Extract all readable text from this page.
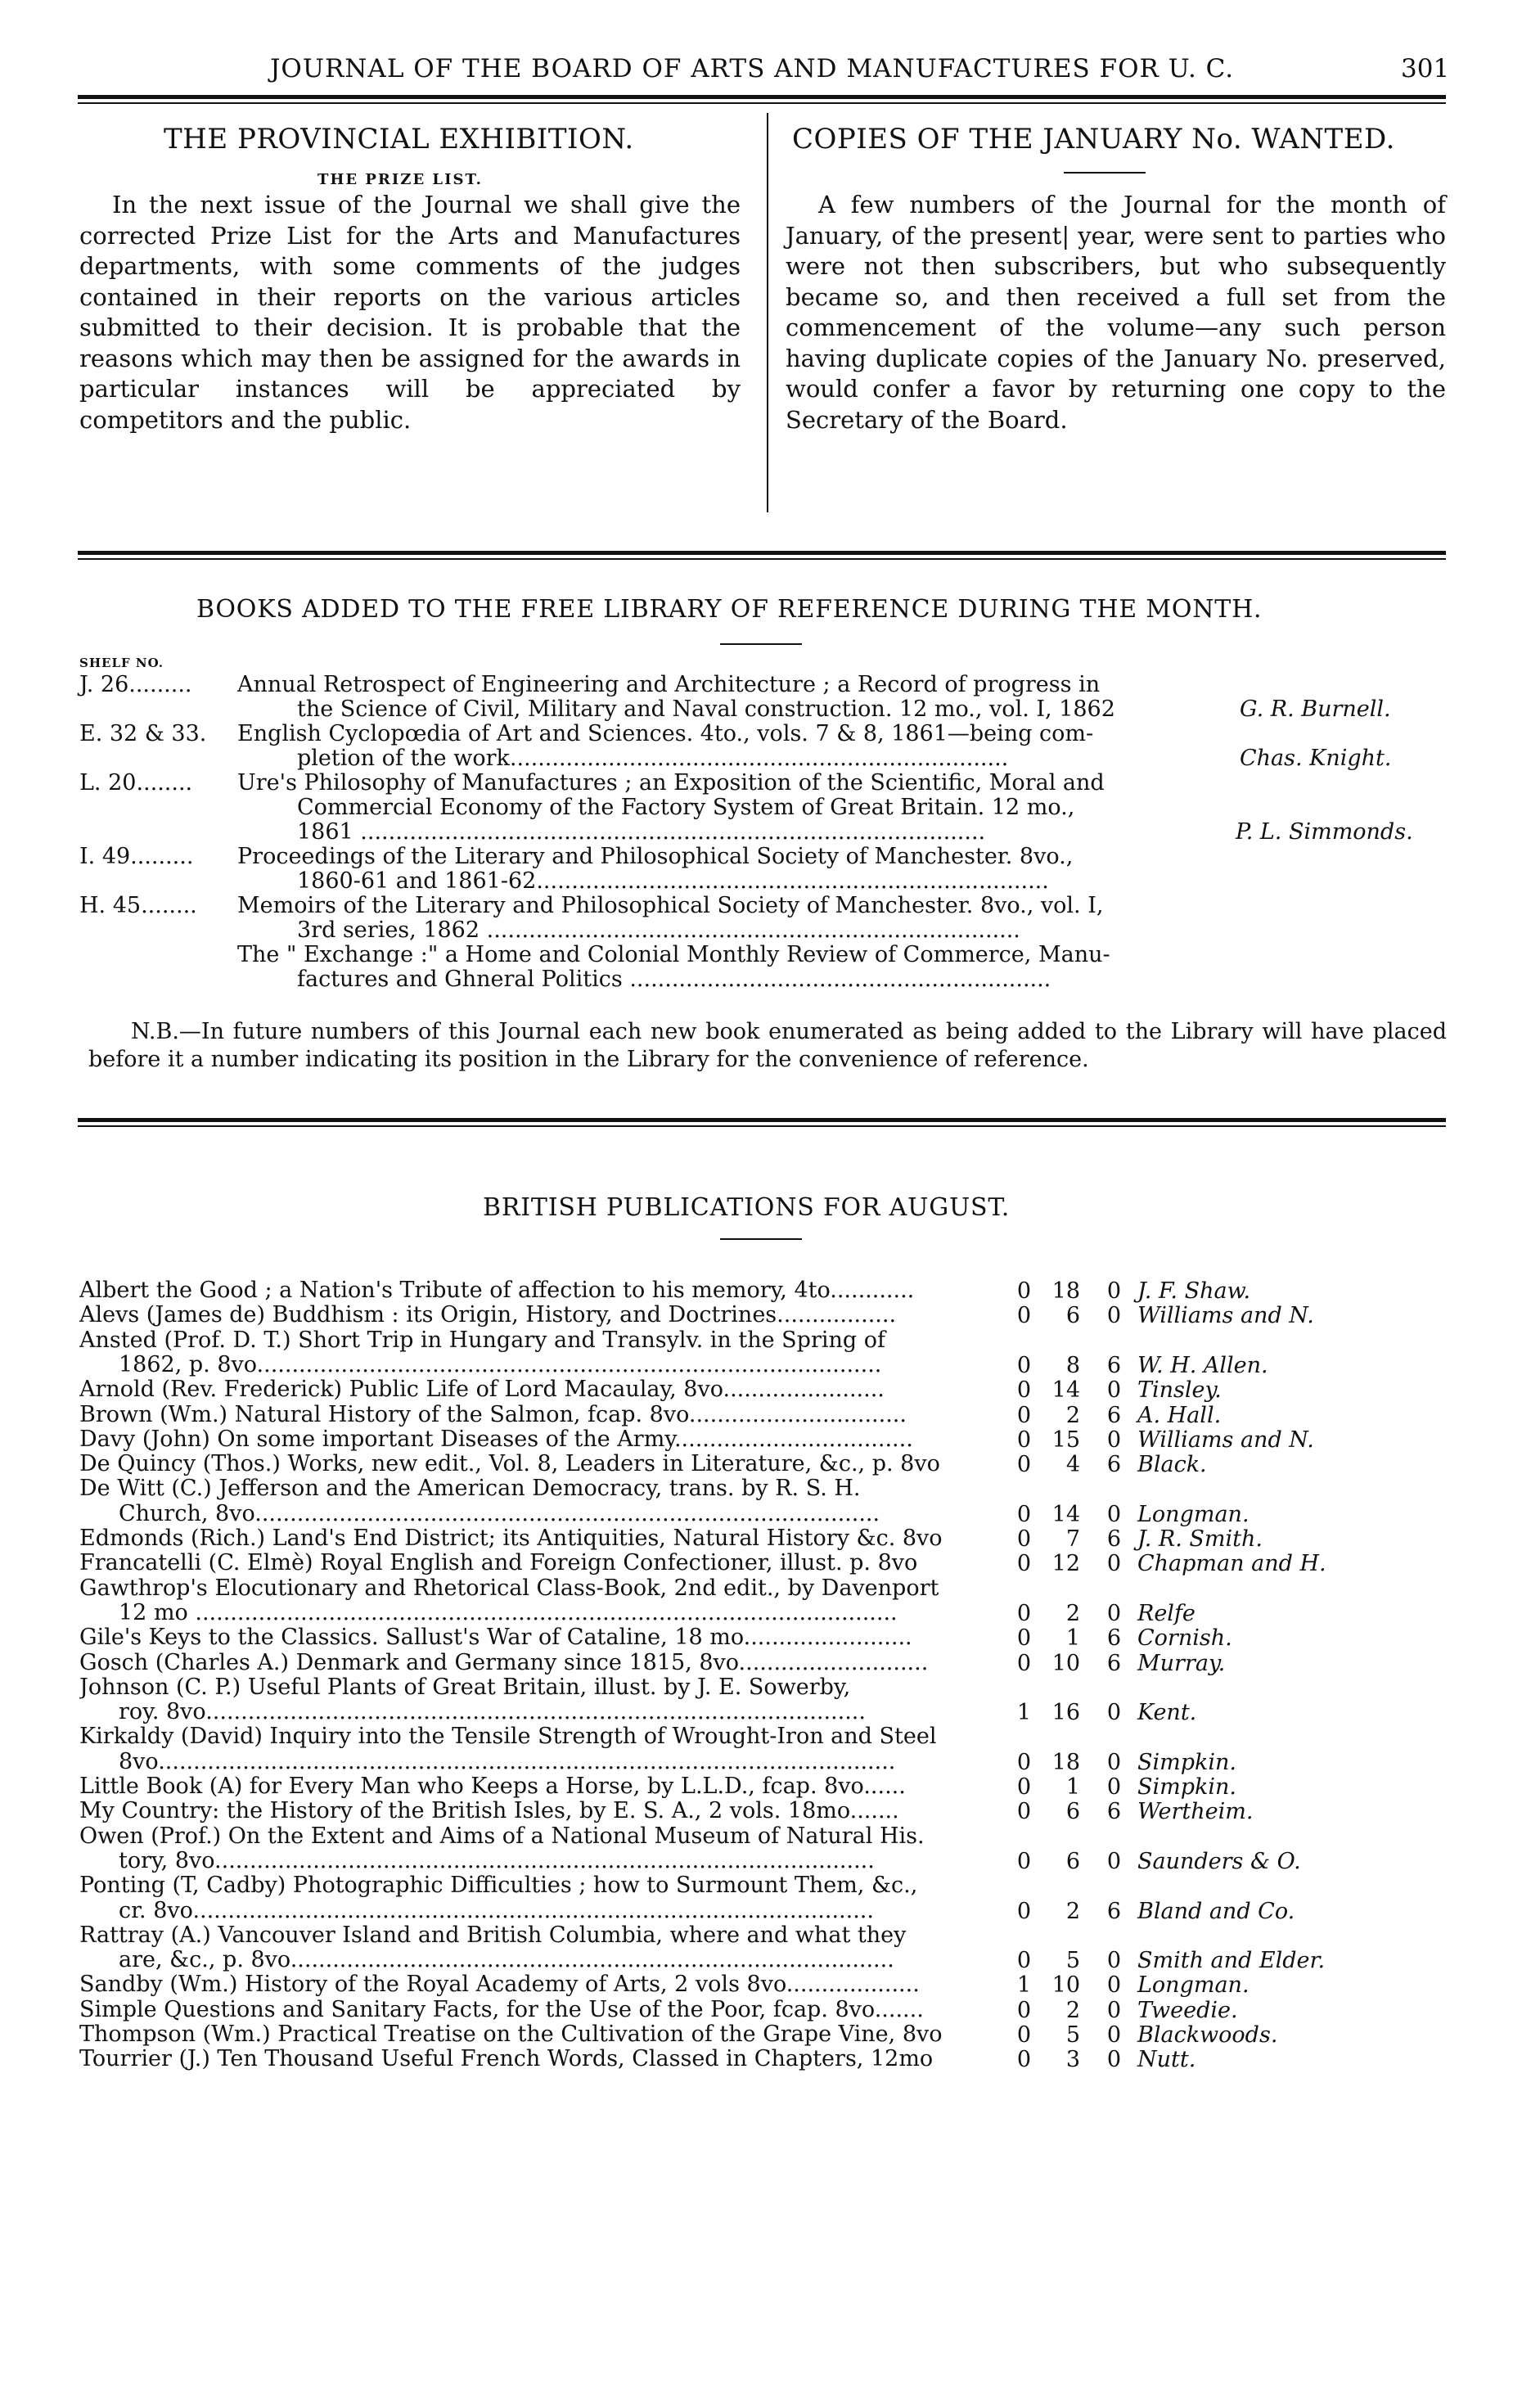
JOURNAL OF THE BOARD OF ARTS AND MANUFACTURES FOR U. C.	301
THE PROVINCIAL EXHIBITION.
THE PRIZE LIST.
In the next issue of the Journal we shall give the corrected Prize List for the Arts and Manufactures departments, with some comments of the judges contained in their reports on the various articles submitted to their decision. It is probable that the reasons which may then be assigned for the awards in particular instances will be appreciated by competitors and the public.
COPIES OF THE JANUARY No. WANTED.
A few numbers of the Journal for the month of January, of the present| year, were sent to parties who were not then subscribers, but who subsequently became so, and then received a full set from the commencement of the volume—any such person having duplicate copies of the January No. preserved, would confer a favor by returning one copy to the Secretary of the Board.
BOOKS ADDED TO THE FREE LIBRARY OF REFERENCE DURING THE MONTH.
SHELF NO.
J. 26......... Annual Retrospect of Engineering and Architecture ; a Record of progress in
the Science of Civil, Military and Naval construction. 12 mo., vol. I, 1862	G. R. Burnell.
E. 32 & 33. English Cyclopœdia of Art and Sciences. 4to., vols. 7 & 8, 1861—being com-
pletion of the work.......................................................................	Chas. Knight.
L. 20........ Ure's Philosophy of Manufactures ; an Exposition of the Scientific, Moral and
Commercial Economy of the Factory System of Great Britain. 12 mo.,
1861 .........................................................................................	P. L. Simmonds.
I. 49......... Proceedings of the Literary and Philosophical Society of Manchester. 8vo.,
1860-61 and 1861-62.........................................................................
H. 45........ Memoirs of the Literary and Philosophical Society of Manchester. 8vo., vol. I,
3rd series, 1862 ............................................................................
The " Exchange :" a Home and Colonial Monthly Review of Commerce, Manu-
factures and Ghneral Politics ............................................................
N.B.—In future numbers of this Journal each new book enumerated as being added to the Library will have placed before it a number indicating its position in the Library for the convenience of reference.
BRITISH PUBLICATIONS FOR AUGUST.
Albert the Good ; a Nation's Tribute of affection to his memory, 4to............	0 18	0 J. F. Shaw.
Alevs (James de) Buddhism : its Origin, History, and Doctrines.................	0	6	0 Williams and N.
Ansted (Prof. D. T.) Short Trip in Hungary and Transylv. in the Spring of
1862, p. 8vo.........................................................................................	0	8	6 W. H. Allen.
Arnold (Rev. Frederick) Public Life of Lord Macaulay, 8vo.......................	0 14	0 Tinsley.
Brown (Wm.) Natural History of the Salmon, fcap. 8vo...............................	0	2	6 A. Hall.
Davy (John) On some important Diseases of the Army..................................	0 15	0 Williams and N.
De Quincy (Thos.) Works, new edit., Vol. 8, Leaders in Literature, &c., p. 8vo	0	4	6 Black.
De Witt (C.) Jefferson and the American Democracy, trans. by R. S. H.
Church, 8vo.........................................................................................	0 14	0 Longman.
Edmonds (Rich.) Land's End District; its Antiquities, Natural History &c. 8vo	0	7	6 J. R. Smith.
Francatelli (C. Elmè) Royal English and Foreign Confectioner, illust. p. 8vo	0 12	0 Chapman and H.
Gawthrop's Elocutionary and Rhetorical Class-Book, 2nd edit., by Davenport
12 mo ....................................................................................................	0	2	0 Relfe
Gile's Keys to the Classics. Sallust's War of Cataline, 18 mo........................	0	1	6 Cornish.
Gosch (Charles A.) Denmark and Germany since 1815, 8vo...........................	0 10	6 Murray.
Johnson (C. P.) Useful Plants of Great Britain, illust. by J. E. Sowerby,
roy. 8vo..............................................................................................	1 16	0 Kent.
Kirkaldy (David) Inquiry into the Tensile Strength of Wrought-Iron and Steel
8vo.........................................................................................................	0 18	0 Simpkin.
Little Book (A) for Every Man who Keeps a Horse, by L.L.D., fcap. 8vo......	0	1	0 Simpkin.
My Country: the History of the British Isles, by E. S. A., 2 vols. 18mo.......	0	6	6 Wertheim.
Owen (Prof.) On the Extent and Aims of a National Museum of Natural His.
tory, 8vo..............................................................................................	0	6	0 Saunders & O.
Ponting (T, Cadby) Photographic Difficulties ; how to Surmount Them, &c.,
cr. 8vo.................................................................................................	0	2	6 Bland and Co.
Rattray (A.) Vancouver Island and British Columbia, where and what they
are, &c., p. 8vo......................................................................................	0	5	0 Smith and Elder.
Sandby (Wm.) History of the Royal Academy of Arts, 2 vols 8vo...................	1 10	0 Longman.
Simple Questions and Sanitary Facts, for the Use of the Poor, fcap. 8vo.......	0	2	0 Tweedie.
Thompson (Wm.) Practical Treatise on the Cultivation of the Grape Vine, 8vo	0	5	0 Blackwoods.
Tourrier (J.) Ten Thousand Useful French Words, Classed in Chapters, 12mo	0	3	0 Nutt.
